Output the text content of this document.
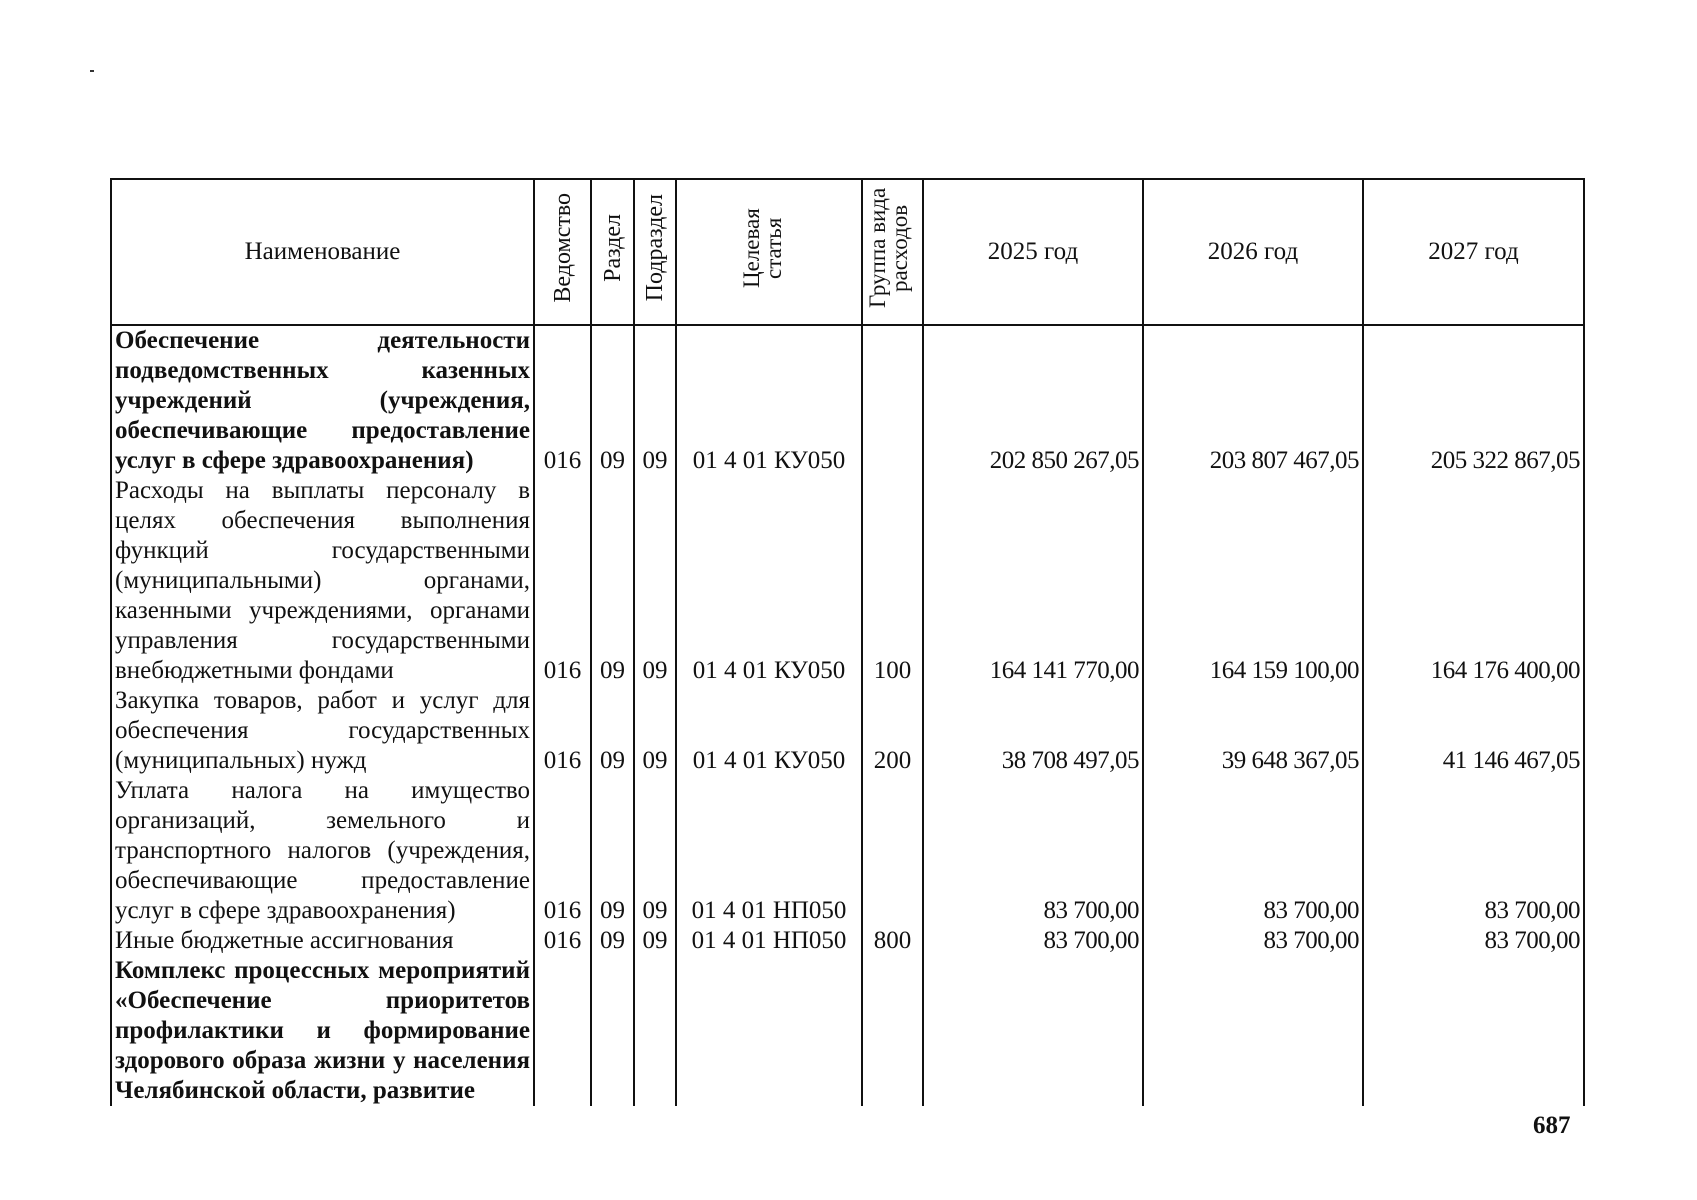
Наименование	Ведомство	Раздел	Подраздел	Целевая статья	Группа вида расходов	2025 год	2026 год	2027 год
Обеспечение деятельности подведомственных казенных учреждений (учреждения, обеспечивающие предоставление услуг в сфере здравоохранения)	016	09	09	01 4 01 КУ050		202 850 267,05	203 807 467,05	205 322 867,05
Расходы на выплаты персоналу в целях обеспечения выполнения функций государственными (муниципальными) органами, казенными учреждениями, органами управления государственными внебюджетными фондами	016	09	09	01 4 01 КУ050	100	164 141 770,00	164 159 100,00	164 176 400,00
Закупка товаров, работ и услуг для обеспечения государственных (муниципальных) нужд	016	09	09	01 4 01 КУ050	200	38 708 497,05	39 648 367,05	41 146 467,05
Уплата налога на имущество организаций, земельного и транспортного налогов (учреждения, обеспечивающие предоставление услуг в сфере здравоохранения)	016	09	09	01 4 01 НП050		83 700,00	83 700,00	83 700,00
Иные бюджетные ассигнования	016	09	09	01 4 01 НП050	800	83 700,00	83 700,00	83 700,00
Комплекс процессных мероприятий «Обеспечение приоритетов профилактики и формирование здорового образа жизни у населения Челябинской области, развитие								
687
